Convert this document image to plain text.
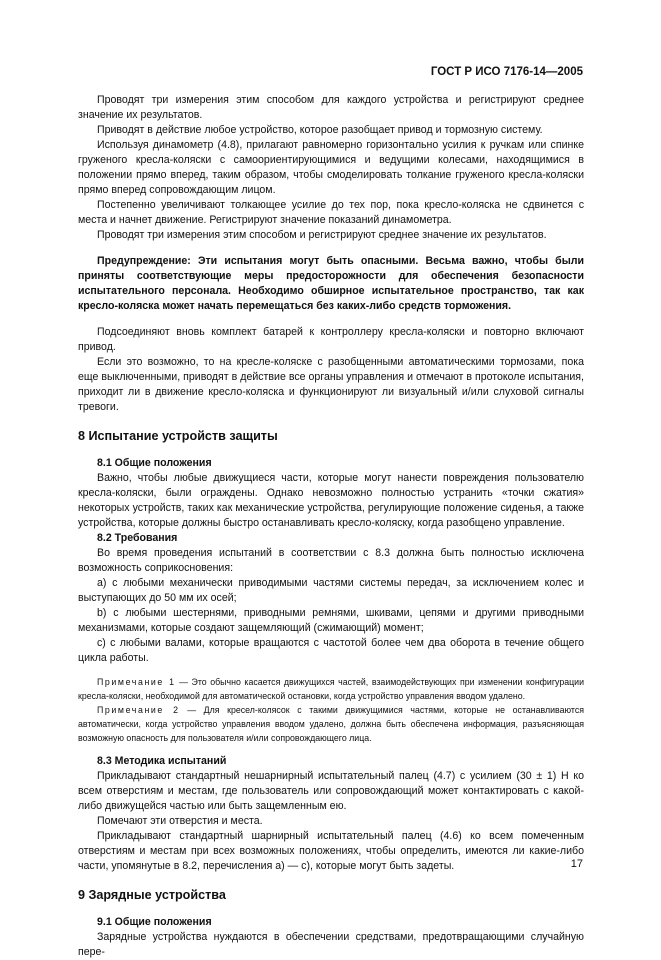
ГОСТ Р ИСО 7176-14—2005

Проводят три измерения этим способом для каждого устройства и регистрируют среднее значение их результатов.

Приводят в действие любое устройство, которое разобщает привод и тормозную систему.

Используя динамометр (4.8), прилагают равномерно горизонтально усилия к ручкам или спинке груженого кресла-коляски с самоориентирующимися и ведущими колесами, находящимися в положении прямо вперед, таким образом, чтобы смоделировать толкание груженого кресла-коляски прямо вперед сопровождающим лицом.

Постепенно увеличивают толкающее усилие до тех пор, пока кресло-коляска не сдвинется с места и начнет движение. Регистрируют значение показаний динамометра.

Проводят три измерения этим способом и регистрируют среднее значение их результатов.

Предупреждение: Эти испытания могут быть опасными. Весьма важно, чтобы были приняты соответствующие меры предосторожности для обеспечения безопасности испытательного персонала. Необходимо обширное испытательное пространство, так как кресло-коляска может начать перемещаться без каких-либо средств торможения.

Подсоединяют вновь комплект батарей к контроллеру кресла-коляски и повторно включают привод.

Если это возможно, то на кресле-коляске с разобщенными автоматическими тормозами, пока еще выключенными, приводят в действие все органы управления и отмечают в протоколе испытания, приходит ли в движение кресло-коляска и функционируют ли визуальный и/или слуховой сигналы тревоги.

8 Испытание устройств защиты

8.1 Общие положения

Важно, чтобы любые движущиеся части, которые могут нанести повреждения пользователю кресла-коляски, были ограждены. Однако невозможно полностью устранить «точки сжатия» некоторых устройств, таких как механические устройства, регулирующие положение сиденья, а также устройства, которые должны быстро останавливать кресло-коляску, когда разобщено управление.

8.2 Требования

Во время проведения испытаний в соответствии с 8.3 должна быть полностью исключена возможность соприкосновения:

а) с любыми механически приводимыми частями системы передач, за исключением колес и выступающих до 50 мм их осей;

b) с любыми шестернями, приводными ремнями, шкивами, цепями и другими приводными механизмами, которые создают защемляющий (сжимающий) момент;

с) с любыми валами, которые вращаются с частотой более чем два оборота в течение общего цикла работы.

Примечание 1 — Это обычно касается движущихся частей, взаимодействующих при изменении конфигурации кресла-коляски, необходимой для автоматической остановки, когда устройство управления вводом удалено.

Примечание 2 — Для кресел-колясок с такими движущимися частями, которые не останавливаются автоматически, когда устройство управления вводом удалено, должна быть обеспечена информация, разъясняющая возможную опасность для пользователя и/или сопровождающего лица.

8.3 Методика испытаний

Прикладывают стандартный нешарнирный испытательный палец (4.7) с усилием (30 ± 1) Н ко всем отверстиям и местам, где пользователь или сопровождающий может контактировать с какой-либо движущейся частью или быть защемленным ею.

Помечают эти отверстия и места.

Прикладывают стандартный шарнирный испытательный палец (4.6) ко всем помеченным отверстиям и местам при всех возможных положениях, чтобы определить, имеются ли какие-либо части, упомянутые в 8.2, перечисления а) — с), которые могут быть задеты.

9 Зарядные устройства

9.1 Общие положения

Зарядные устройства нуждаются в обеспечении средствами, предотвращающими случайную пере-

17
